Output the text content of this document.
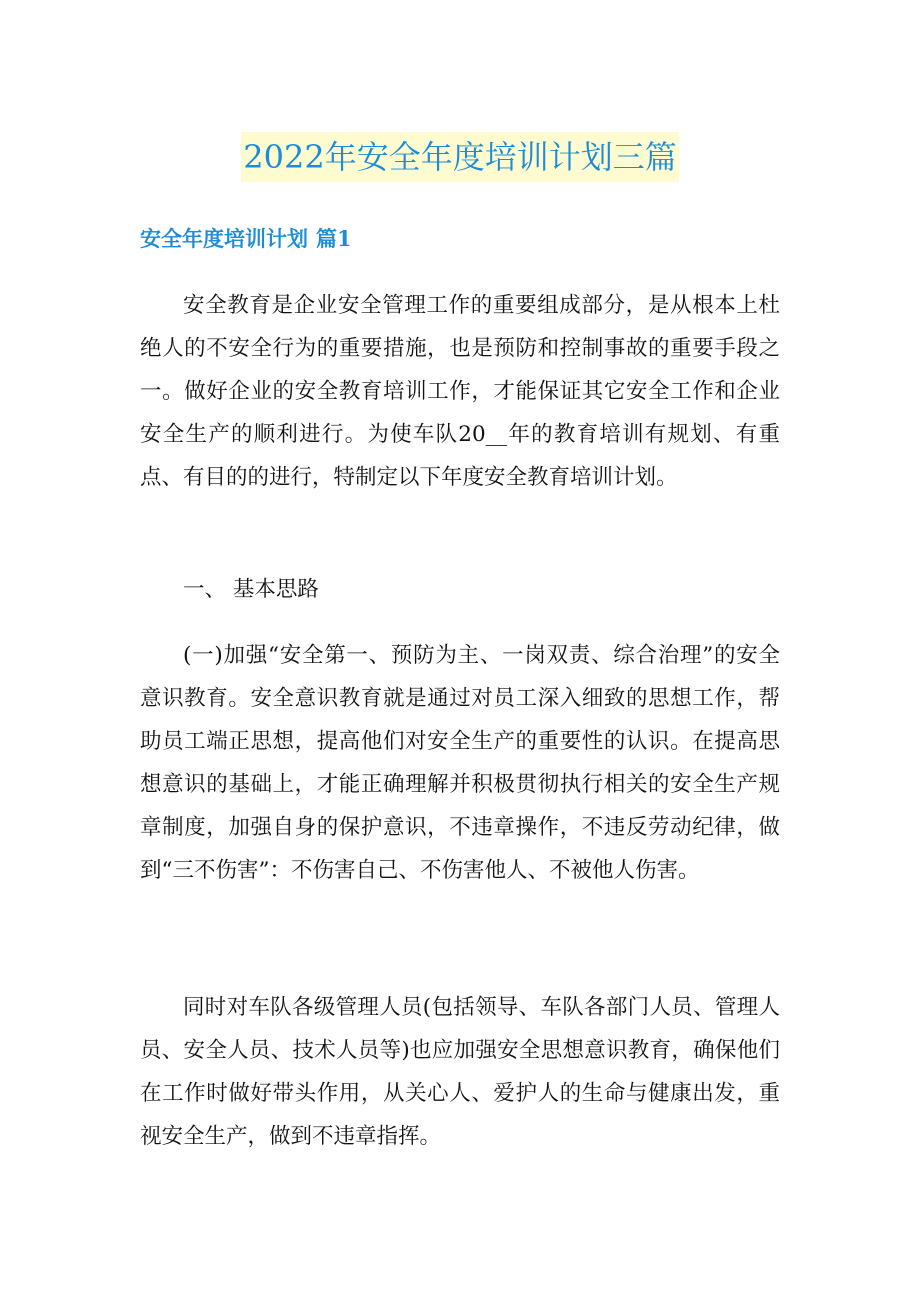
2022年安全年度培训计划三篇
安全年度培训计划 篇1

安全教育是企业安全管理工作的重要组成部分，是从根本上杜绝人的不安全行为的重要措施，也是预防和控制事故的重要手段之一。做好企业的安全教育培训工作，才能保证其它安全工作和企业安全生产的顺利进行。为使车队20__年的教育培训有规划、有重点、有目的的进行，特制定以下年度安全教育培训计划。

一、 基本思路

(一)加强“安全第一、预防为主、一岗双责、综合治理”的安全意识教育。安全意识教育就是通过对员工深入细致的思想工作，帮助员工端正思想，提高他们对安全生产的重要性的认识。在提高思想意识的基础上，才能正确理解并积极贯彻执行相关的安全生产规章制度，加强自身的保护意识，不违章操作，不违反劳动纪律，做到“三不伤害”：不伤害自己、不伤害他人、不被他人伤害。

同时对车队各级管理人员(包括领导、车队各部门人员、管理人员、安全人员、技术人员等)也应加强安全思想意识教育，确保他们在工作时做好带头作用，从关心人、爱护人的生命与健康出发，重视安全生产，做到不违章指挥。
